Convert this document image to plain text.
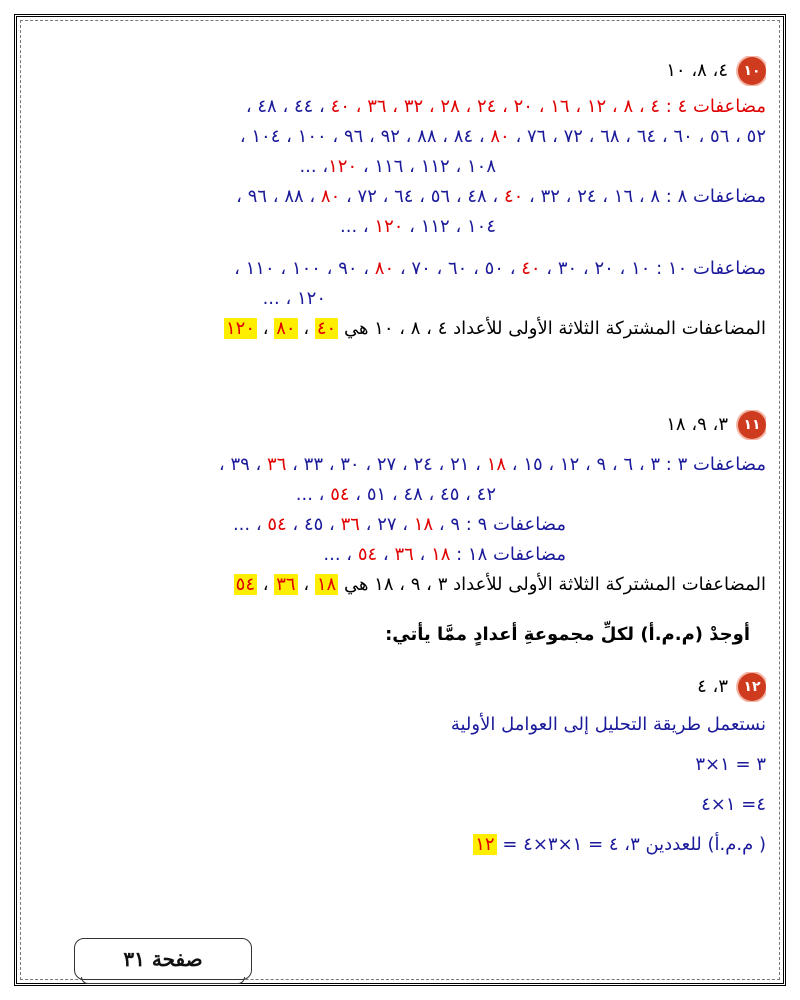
١٠
٤، ٨، ١٠
مضاعفات ٤ : ٤ ، ٨ ، ١٢ ، ١٦ ، ٢٠ ، ٢٤ ، ٢٨ ، ٣٢ ، ٣٦ ، ٤٠ ، ٤٤ ، ٤٨ ،
٥٢ ، ٥٦ ، ٦٠ ، ٦٤ ، ٦٨ ، ٧٢ ، ٧٦ ، ٨٠ ، ٨٤ ، ٨٨ ، ٩٢ ، ٩٦ ، ١٠٠ ، ١٠٤ ،
١٠٨ ، ١١٢ ، ١١٦ ، ١٢٠، ...
مضاعفات ٨ : ٨ ، ١٦ ، ٢٤ ، ٣٢ ، ٤٠ ، ٤٨ ، ٥٦ ، ٦٤ ، ٧٢ ، ٨٠ ، ٨٨ ، ٩٦ ،
١٠٤ ، ١١٢ ، ١٢٠ ، ...
مضاعفات ١٠ : ١٠ ، ٢٠ ، ٣٠ ، ٤٠ ، ٥٠ ، ٦٠ ، ٧٠ ، ٨٠ ، ٩٠ ، ١٠٠ ، ١١٠ ،
١٢٠ ، ...
المضاعفات المشتركة الثلاثة الأولى للأعداد ٤ ، ٨ ، ١٠ هي ٤٠ ، ٨٠ ، ١٢٠
١١
٣، ٩، ١٨
مضاعفات ٣ : ٣ ، ٦ ، ٩ ، ١٢ ، ١٥ ، ١٨ ، ٢١ ، ٢٤ ، ٢٧ ، ٣٠ ، ٣٣ ، ٣٦ ، ٣٩ ،
٤٢ ، ٤٥ ، ٤٨ ، ٥١ ، ٥٤ ، ...
مضاعفات ٩ : ٩ ، ١٨ ، ٢٧ ، ٣٦ ، ٤٥ ، ٥٤ ، ...
مضاعفات ١٨ : ١٨ ، ٣٦ ، ٥٤ ، ...
المضاعفات المشتركة الثلاثة الأولى للأعداد ٣ ، ٩ ، ١٨ هي ١٨ ، ٣٦ ، ٥٤
أوجدْ (م.م.أ) لكلِّ مجموعةِ أعدادٍ ممَّا يأتي:
١٢
٣، ٤
نستعمل طريقة التحليل إلى العوامل الأولية
٣ = ١×٣
٤= ١×٤
( م.م.أ) للعددين ٣، ٤ = ١×٣×٤ = ١٢
صفحة ٣١
